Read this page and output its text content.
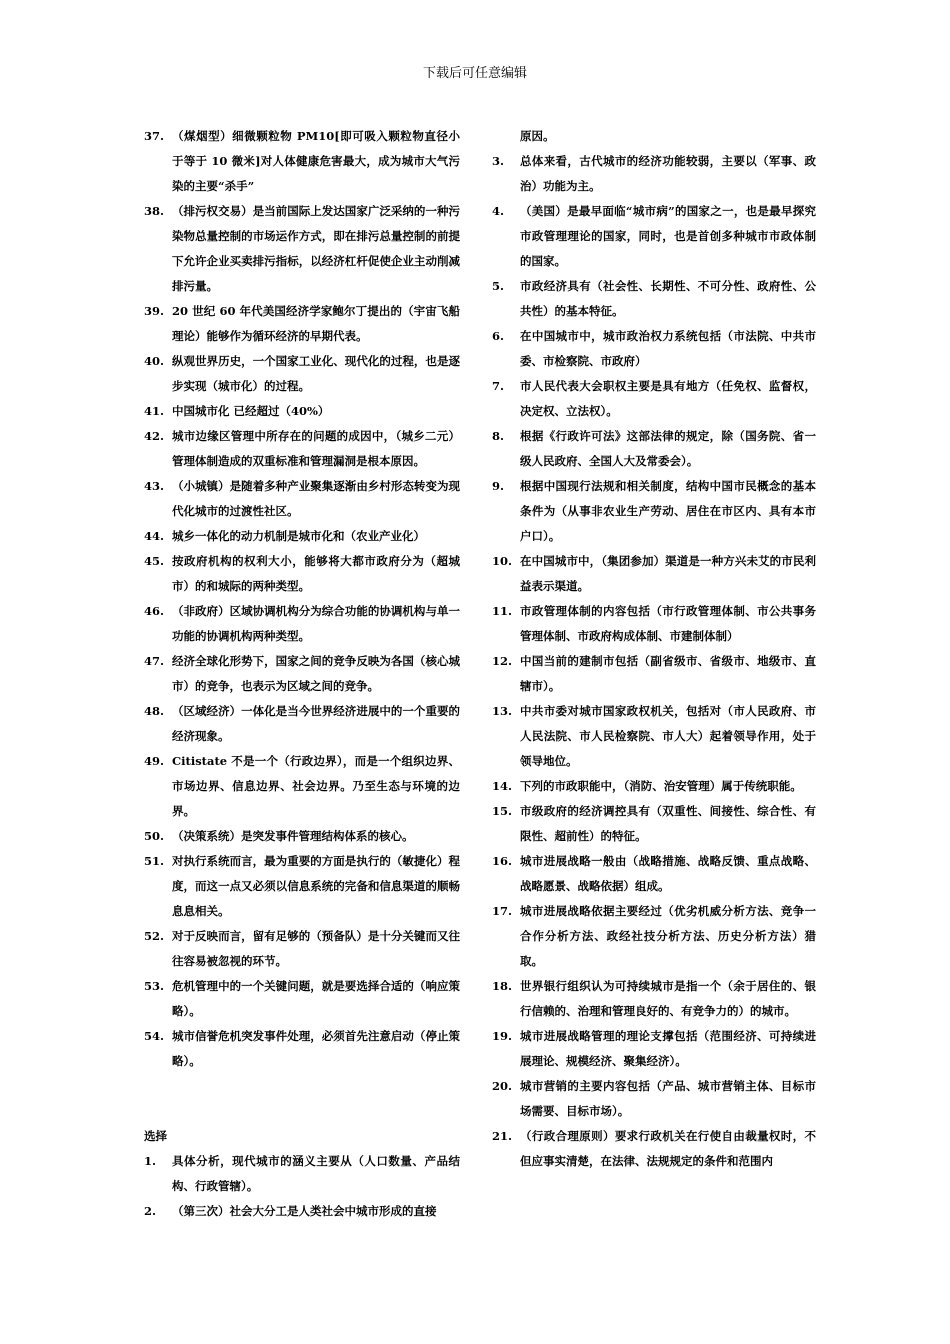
下载后可任意编辑
37. （煤烟型）细微颗粒物 PM10[即可吸入颗粒物直径小于等于 10 微米]对人体健康危害最大，成为城市大气污染的主要“杀手”
38. （排污权交易）是当前国际上发达国家广泛采纳的一种污染物总量控制的市场运作方式，即在排污总量控制的前提下允许企业买卖排污指标，以经济杠杆促使企业主动削减排污量。
39. 20 世纪 60 年代美国经济学家鲍尔丁提出的（宇宙飞船理论）能够作为循环经济的早期代表。
40. 纵观世界历史，一个国家工业化、现代化的过程，也是逐步实现（城市化）的过程。
41. 中国城市化 已经超过（40%）
42. 城市边缘区管理中所存在的问题的成因中，（城乡二元）管理体制造成的双重标准和管理漏洞是根本原因。
43. （小城镇）是随着多种产业聚集逐渐由乡村形态转变为现代化城市的过渡性社区。
44. 城乡一体化的动力机制是城市化和（农业产业化）
45. 按政府机构的权利大小，能够将大都市政府分为（超城市）的和城际的两种类型。
46. （非政府）区域协调机构分为综合功能的协调机构与单一功能的协调机构两种类型。
47. 经济全球化形势下，国家之间的竞争反映为各国（核心城市）的竞争，也表示为区域之间的竞争。
48. （区域经济）一体化是当今世界经济进展中的一个重要的经济现象。
49. Citistate 不是一个（行政边界），而是一个组织边界、市场边界、信息边界、社会边界。乃至生态与环境的边界。
50. （决策系统）是突发事件管理结构体系的核心。
51. 对执行系统而言，最为重要的方面是执行的（敏捷化）程度，而这一点又必须以信息系统的完备和信息渠道的顺畅息息相关。
52. 对于反映而言，留有足够的（预备队）是十分关键而又往往容易被忽视的环节。
53. 危机管理中的一个关键问题，就是要选择合适的（响应策略）。
54. 城市信誉危机突发事件处理，必须首先注意启动（停止策略）。
选择
1.	具体分析，现代城市的涵义主要从（人口数量、产品结构、行政管辖）。
2.	（第三次）社会大分工是人类社会中城市形成的直接
原因。
3.	总体来看，古代城市的经济功能较弱，主要以（军事、政治）功能为主。
4.	（美国）是最早面临“城市病”的国家之一，也是最早探究市政管理理论的国家，同时，也是首创多种城市市政体制的国家。
5.	市政经济具有（社会性、长期性、不可分性、政府性、公共性）的基本特征。
6.	在中国城市中，城市政治权力系统包括（市法院、中共市委、市检察院、市政府）
7.	市人民代表大会职权主要是具有地方（任免权、监督权，决定权、立法权）。
8.	根据《行政许可法》这部法律的规定，除（国务院、省一级人民政府、全国人大及常委会）。
9.	根据中国现行法规和相关制度，结构中国市民概念的基本条件为（从事非农业生产劳动、居住在市区内、具有本市户口）。
10. 在中国城市中，（集团参加）渠道是一种方兴未艾的市民利益表示渠道。
11. 市政管理体制的内容包括（市行政管理体制、市公共事务管理体制、市政府构成体制、市建制体制）
12. 中国当前的建制市包括（副省级市、省级市、地级市、直辖市）。
13. 中共市委对城市国家政权机关，包括对（市人民政府、市人民法院、市人民检察院、市人大）起着领导作用，处于领导地位。
14. 下列的市政职能中，（消防、治安管理）属于传统职能。
15. 市级政府的经济调控具有（双重性、间接性、综合性、有限性、超前性）的特征。
16. 城市进展战略一般由（战略措施、战略反馈、重点战略、战略愿景、战略依据）组成。
17. 城市进展战略依据主要经过（优劣机威分析方法、竞争一合作分析方法、政经社技分析方法、历史分析方法）猎取。
18. 世界银行组织认为可持续城市是指一个（余于居住的、银行信赖的、治理和管理良好的、有竞争力的）的城市。
19. 城市进展战略管理的理论支撑包括（范围经济、可持续进展理论、规模经济、聚集经济）。
20. 城市营销的主要内容包括（产品、城市营销主体、目标市场需要、目标市场）。
21. （行政合理原则）要求行政机关在行使自由裁量权时，不但应事实清楚，在法律、法规规定的条件和范围内
